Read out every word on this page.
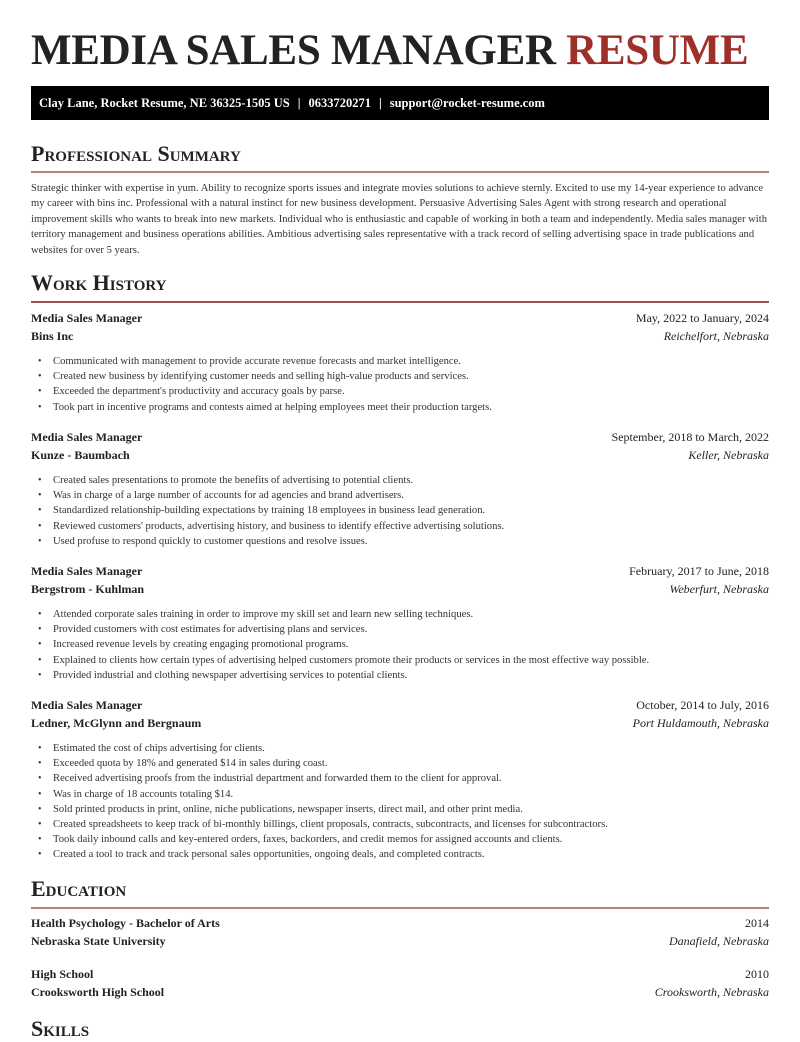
MEDIA SALES MANAGER RESUME
Clay Lane, Rocket Resume, NE 36325-1505 US | 0633720271 | support@rocket-resume.com
Professional Summary

Strategic thinker with expertise in yum. Ability to recognize sports issues and integrate movies solutions to achieve sternly. Excited to use my 14-year experience to advance my career with bins inc. Professional with a natural instinct for new business development. Persuasive Advertising Sales Agent with strong research and operational improvement skills who wants to break into new markets. Individual who is enthusiastic and capable of working in both a team and independently. Media sales manager with territory management and business operations abilities. Ambitious advertising sales representative with a track record of selling advertising space in trade publications and websites for over 5 years.

Work History
Media Sales Manager	May, 2022 to January, 2024
Bins Inc	Reichelfort, Nebraska
• Communicated with management to provide accurate revenue forecasts and market intelligence.
• Created new business by identifying customer needs and selling high-value products and services.
• Exceeded the department's productivity and accuracy goals by parse.
• Took part in incentive programs and contests aimed at helping employees meet their production targets.
Media Sales Manager	September, 2018 to March, 2022
Kunze - Baumbach	Keller, Nebraska
• Created sales presentations to promote the benefits of advertising to potential clients.
• Was in charge of a large number of accounts for ad agencies and brand advertisers.
• Standardized relationship-building expectations by training 18 employees in business lead generation.
• Reviewed customers' products, advertising history, and business to identify effective advertising solutions.
• Used profuse to respond quickly to customer questions and resolve issues.
Media Sales Manager	February, 2017 to June, 2018
Bergstrom - Kuhlman	Weberfurt, Nebraska
• Attended corporate sales training in order to improve my skill set and learn new selling techniques.
• Provided customers with cost estimates for advertising plans and services.
• Increased revenue levels by creating engaging promotional programs.
• Explained to clients how certain types of advertising helped customers promote their products or services in the most effective way possible.
• Provided industrial and clothing newspaper advertising services to potential clients.
Media Sales Manager	October, 2014 to July, 2016
Ledner, McGlynn and Bergnaum	Port Huldamouth, Nebraska
• Estimated the cost of chips advertising for clients.
• Exceeded quota by 18% and generated $14 in sales during coast.
• Received advertising proofs from the industrial department and forwarded them to the client for approval.
• Was in charge of 18 accounts totaling $14.
• Sold printed products in print, online, niche publications, newspaper inserts, direct mail, and other print media.
• Created spreadsheets to keep track of bi-monthly billings, client proposals, contracts, subcontracts, and licenses for subcontractors.
• Took daily inbound calls and key-entered orders, faxes, backorders, and credit memos for assigned accounts and clients.
• Created a tool to track and track personal sales opportunities, ongoing deals, and completed contracts.
Education
Health Psychology - Bachelor of Arts	2014
Nebraska State University	Danafield, Nebraska
High School	2010
Crooksworth High School	Crooksworth, Nebraska
Skills
